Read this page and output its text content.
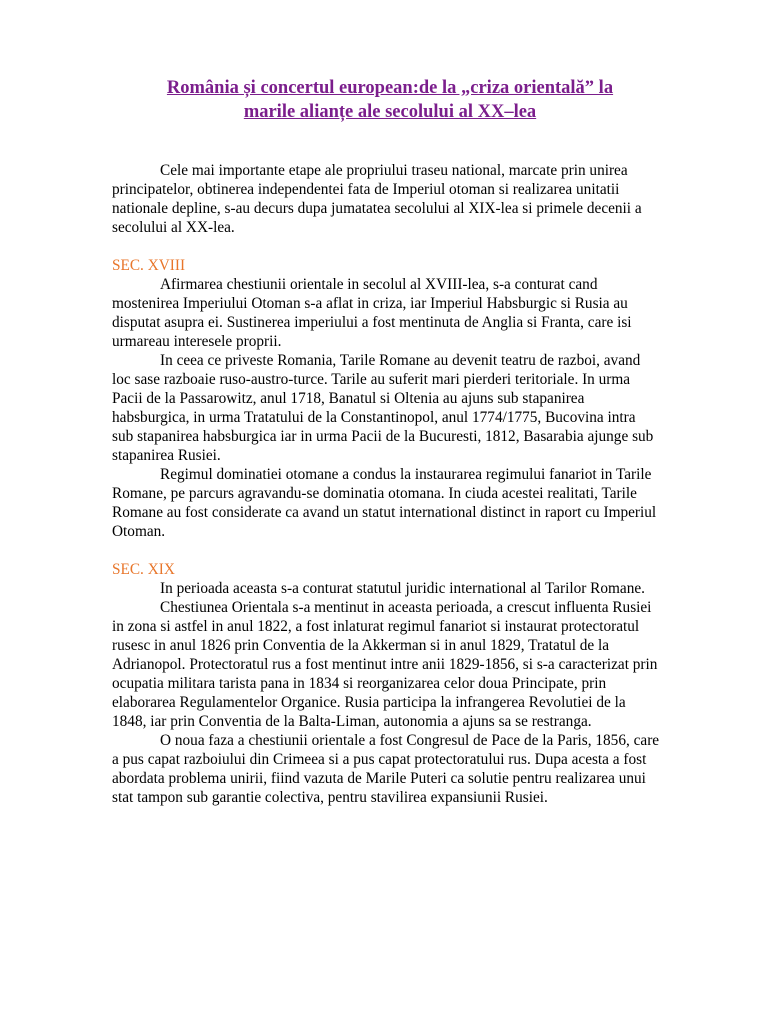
România și concertul european:de la „criza orientală” la
marile alianțe ale secolului al XX–lea

Cele mai importante etape ale propriului traseu national, marcate prin unirea principatelor, obtinerea independentei fata de Imperiul otoman si realizarea unitatii nationale depline, s-au decurs dupa jumatatea secolului al XIX-lea si primele decenii a secolului al XX-lea.

SEC. XVIII

Afirmarea chestiunii orientale in secolul al XVIII-lea, s-a conturat cand mostenirea Imperiului Otoman s-a aflat in criza, iar Imperiul Habsburgic si Rusia au disputat asupra ei. Sustinerea imperiului a fost mentinuta de Anglia si Franta, care isi urmareau interesele proprii.

In ceea ce priveste Romania, Tarile Romane au devenit teatru de razboi, avand loc sase razboaie ruso-austro-turce. Tarile au suferit mari pierderi teritoriale. In urma Pacii de la Passarowitz, anul 1718, Banatul si Oltenia au ajuns sub stapanirea habsburgica, in urma Tratatului de la Constantinopol, anul 1774/1775, Bucovina intra sub stapanirea habsburgica iar in urma Pacii de la Bucuresti, 1812, Basarabia ajunge sub stapanirea Rusiei.

Regimul dominatiei otomane a condus la instaurarea regimului fanariot in Tarile Romane, pe parcurs agravandu-se dominatia otomana. In ciuda acestei realitati, Tarile Romane au fost considerate ca avand un statut international distinct in raport cu Imperiul Otoman.

SEC. XIX

In perioada aceasta s-a conturat statutul juridic international al Tarilor Romane.

Chestiunea Orientala s-a mentinut in aceasta perioada, a crescut influenta Rusiei in zona si astfel in anul 1822, a fost inlaturat regimul fanariot si instaurat protectoratul rusesc in anul 1826 prin Conventia de la Akkerman si in anul 1829, Tratatul de la Adrianopol. Protectoratul rus a fost mentinut intre anii 1829-1856, si s-a caracterizat prin ocupatia militara tarista pana in 1834 si reorganizarea celor doua Principate, prin elaborarea Regulamentelor Organice. Rusia participa la infrangerea Revolutiei de la 1848, iar prin Conventia de la Balta-Liman, autonomia a ajuns sa se restranga.

O noua faza a chestiunii orientale a fost Congresul de Pace de la Paris, 1856, care a pus capat razboiului din Crimeea si a pus capat protectoratului rus. Dupa acesta a fost abordata problema unirii, fiind vazuta de Marile Puteri ca solutie pentru realizarea unui stat tampon sub garantie colectiva, pentru stavilirea expansiunii Rusiei.
